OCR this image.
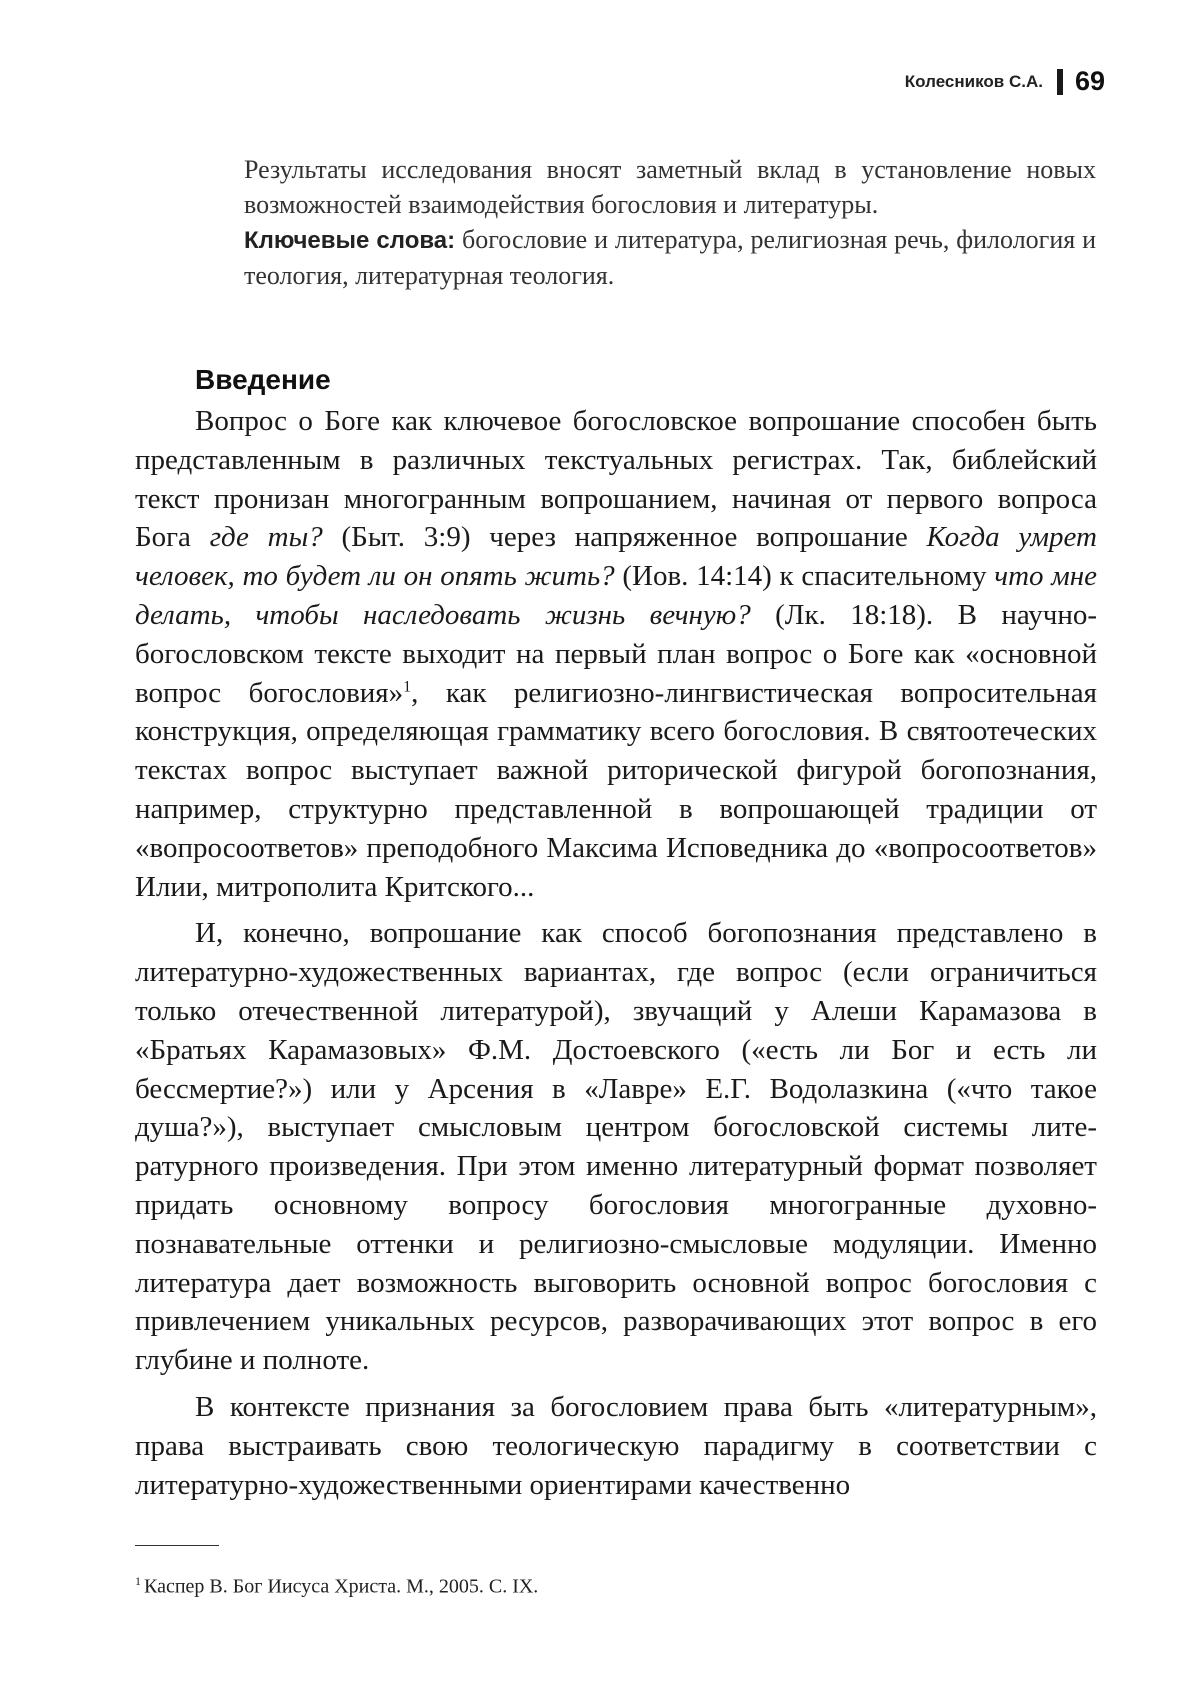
Колесников С.А. 69

Результаты исследования вносят заметный вклад в установление новых возможностей взаимодействия богословия и литературы.

Ключевые слова: богословие и литература, религиозная речь, филология и теология, литературная теология.

Введение

Вопрос о Боге как ключевое богословское вопрошание способен быть представленным в различных текстуальных регистрах. Так, библейский текст пронизан многогранным вопрошанием, начиная от первого вопроса Бога где ты? (Быт. 3:9) через напряженное вопрошание Когда умрет человек, то будет ли он опять жить? (Иов. 14:14) к спасительному что мне делать, чтобы наследовать жизнь вечную? (Лк. 18:18). В научно-богословском тексте выходит на первый план вопрос о Боге как «основной вопрос богословия»$^1$, как религиозно-лингвистическая вопросительная конструкция, определяющая грамматику всего богословия. В святоотеческих текстах вопрос выступает важной риторической фигурой богопознания, например, структурно представленной в вопрошающей традиции от «вопросоответов» преподобного Максима Исповедника до «вопросоответов» Илии, митрополита Критского...

И, конечно, вопрошание как способ богопознания представлено в литературно-художественных вариантах, где вопрос (если ограничиться только отечественной литературой), звучащий у Алеши Карамазова в «Братьях Карамазовых» Ф.М. Достоевского («есть ли Бог и есть ли бессмертие?») или у Арсения в «Лавре» Е.Г. Водолазкина («что такое душа?»), выступает смысловым центром богословской системы литературного произведения. При этом именно литературный формат позволяет придать основному вопросу богословия многогранные духовно-познавательные оттенки и религиозно-смысловые модуляции. Именно литература дает возможность выговорить основной вопрос богословия с привлечением уникальных ресурсов, разворачивающих этот вопрос в его глубине и полноте.

В контексте признания за богословием права быть «литературным», права выстраивать свою теологическую парадигму в соответствии с литературно-художественными ориентирами качественно

$^1$ Каспер В. Бог Иисуса Христа. М., 2005. С. IX.
